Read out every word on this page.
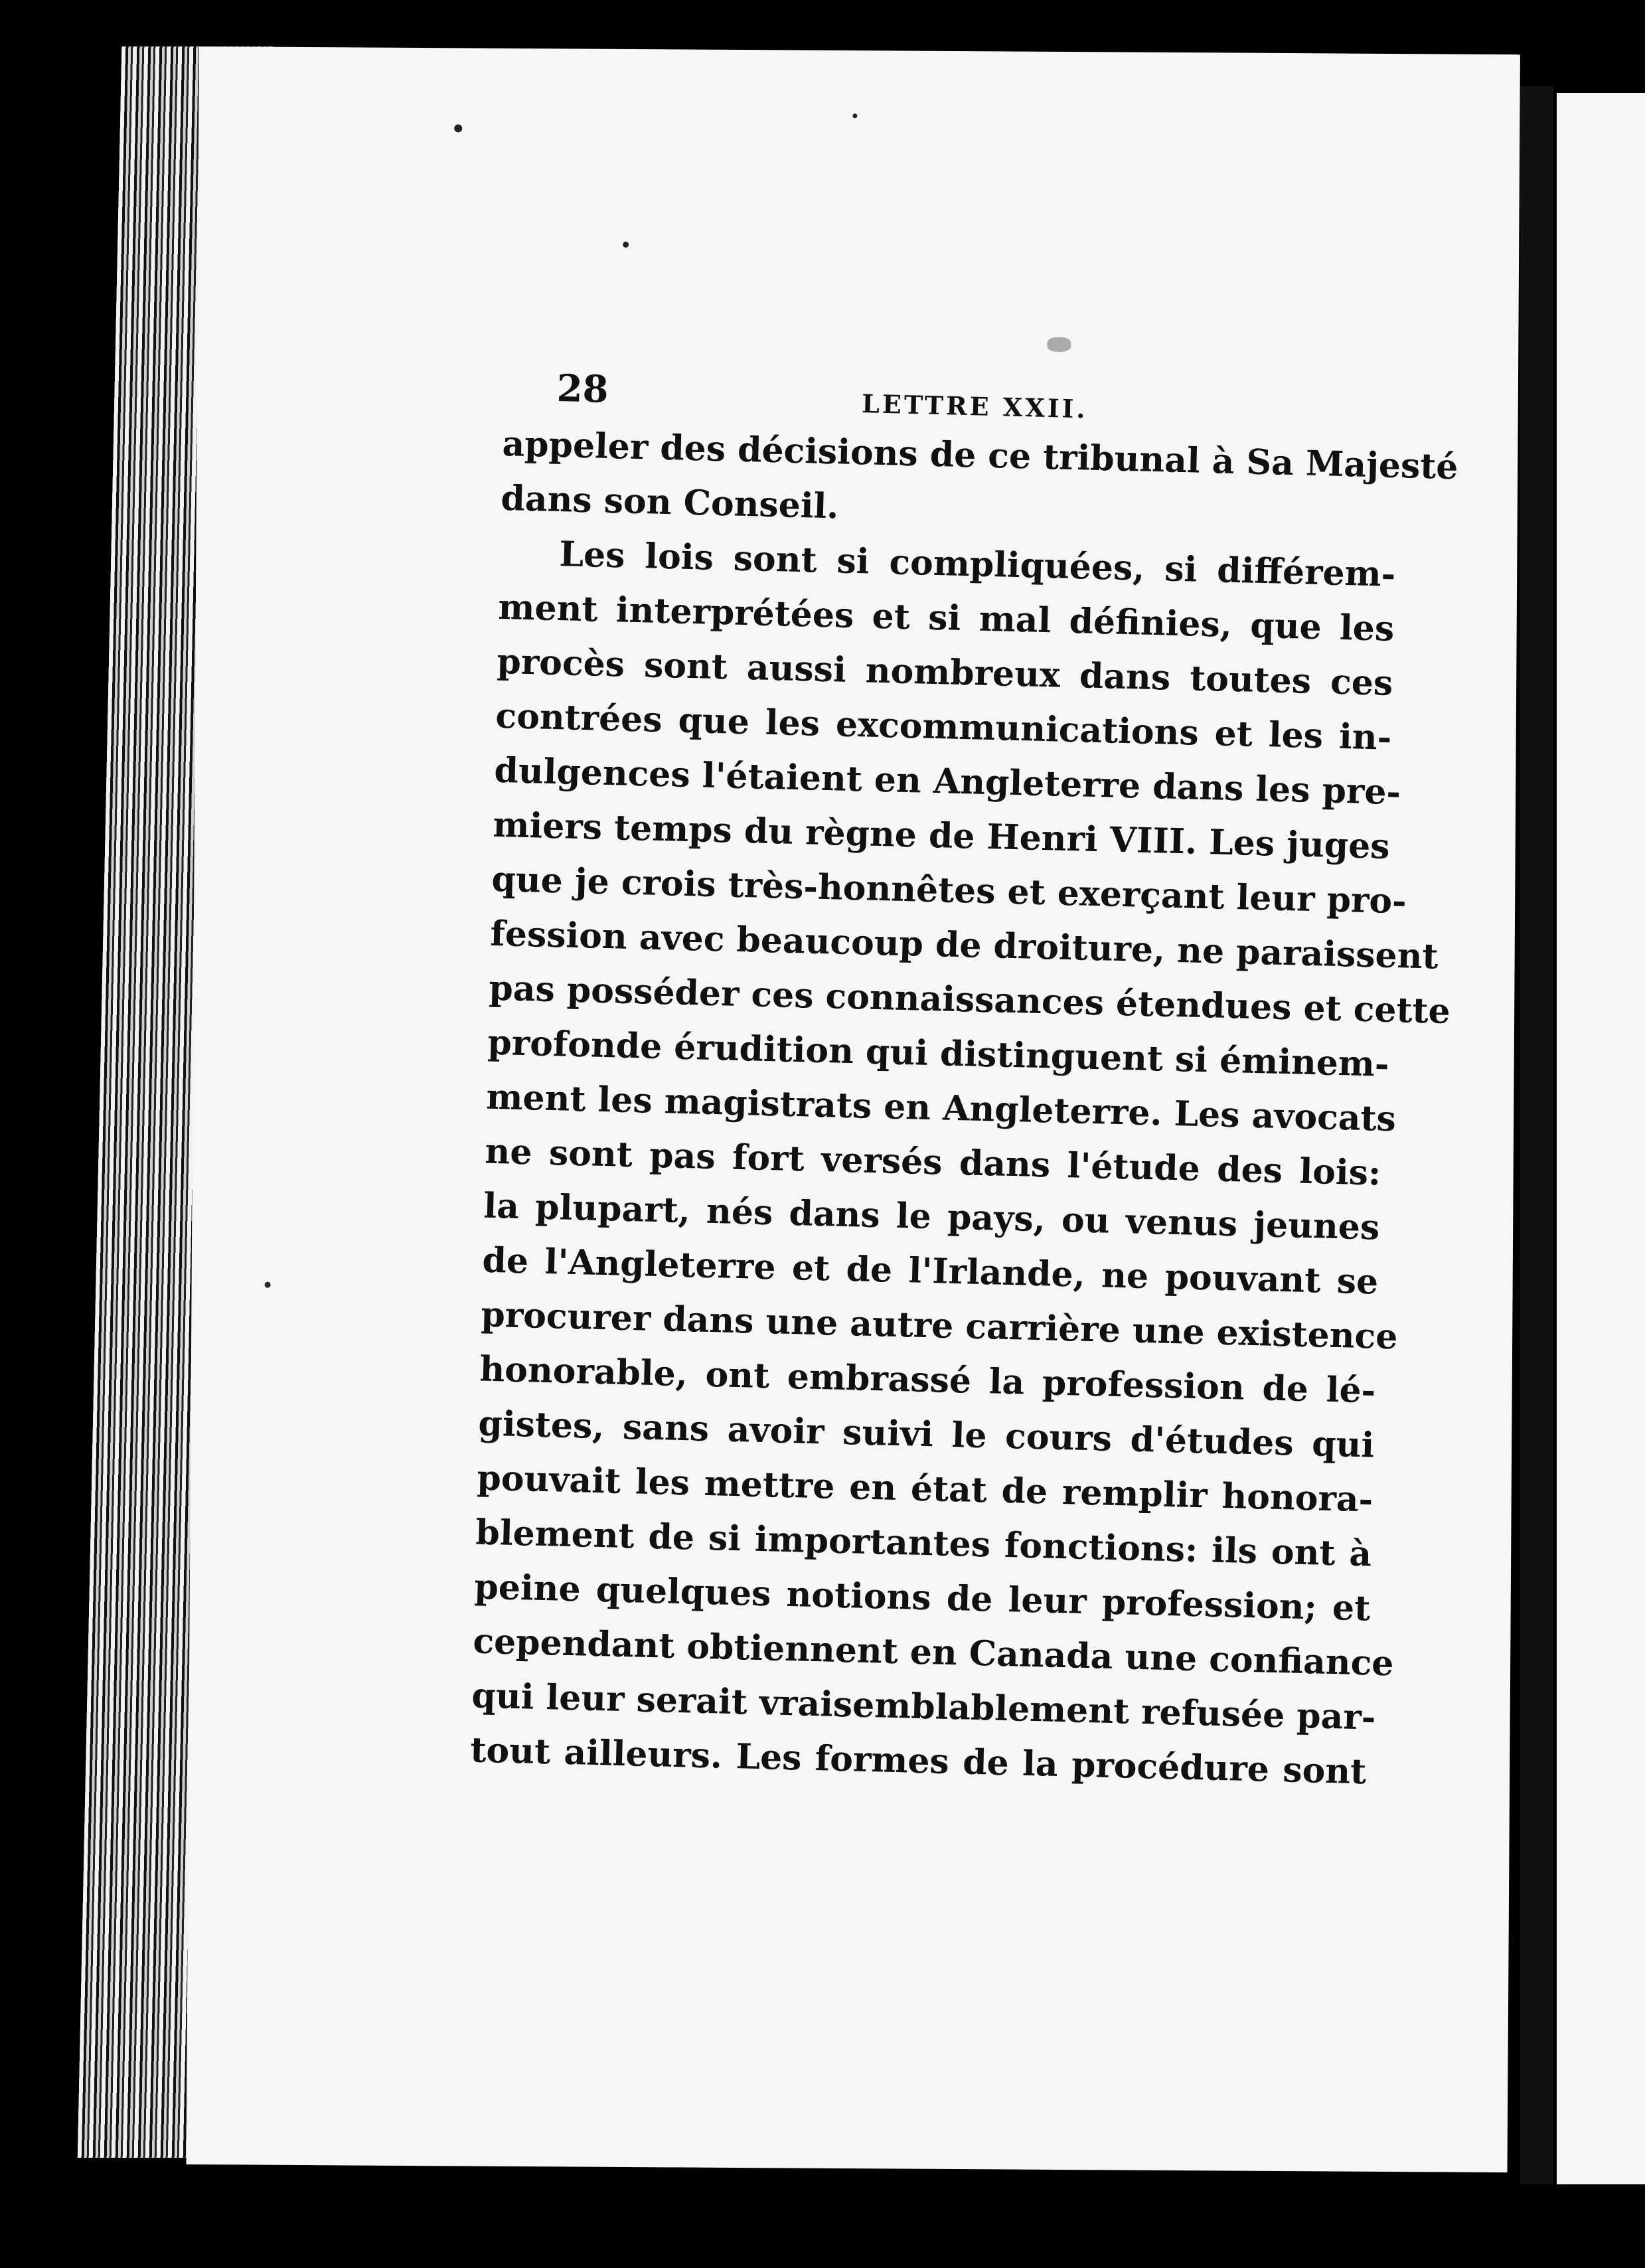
28	LETTRE XXII.
appeler des décisions de ce tribunal à Sa Majesté
dans son Conseil.
Les lois sont si compliquées, si différem-
ment interprétées et si mal définies, que les
procès sont aussi nombreux dans toutes ces
contrées que les excommunications et les in-
dulgences l'étaient en Angleterre dans les pre-
miers temps du règne de Henri VIII. Les juges
que je crois très-honnêtes et exerçant leur pro-
fession avec beaucoup de droiture, ne paraissent
pas posséder ces connaissances étendues et cette
profonde érudition qui distinguent si éminem-
ment les magistrats en Angleterre. Les avocats
ne sont pas fort versés dans l'étude des lois:
la plupart, nés dans le pays, ou venus jeunes
de l'Angleterre et de l'Irlande, ne pouvant se
procurer dans une autre carrière une existence
honorable, ont embrassé la profession de lé-
gistes, sans avoir suivi le cours d'études qui
pouvait les mettre en état de remplir honora-
blement de si importantes fonctions: ils ont à
peine quelques notions de leur profession; et
cependant obtiennent en Canada une confiance
qui leur serait vraisemblablement refusée par-
tout ailleurs. Les formes de la procédure sont
